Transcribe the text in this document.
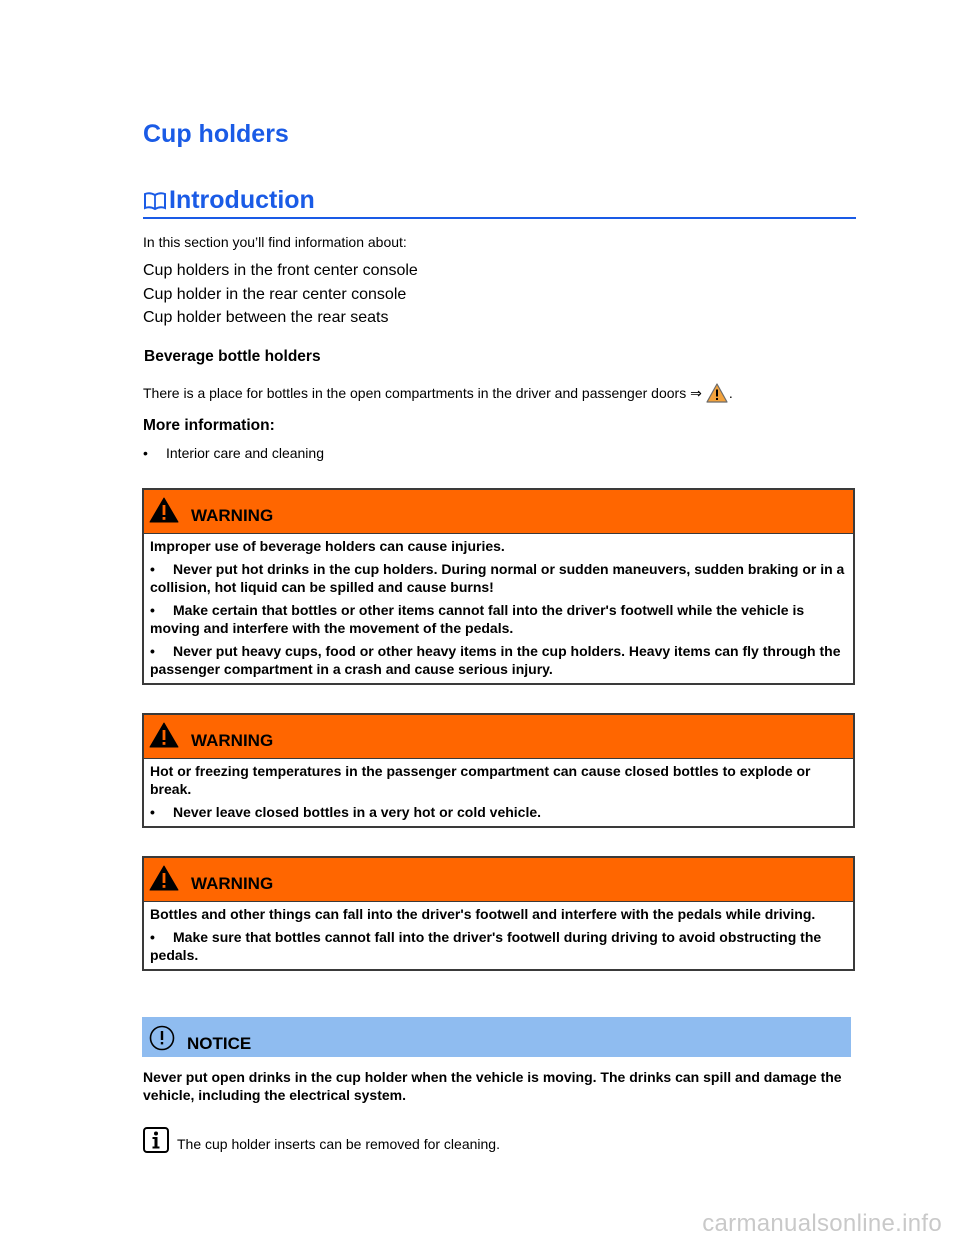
Cup holders
Introduction
In this section you’ll find information about:
Cup holders in the front center console
Cup holder in the rear center console
Cup holder between the rear seats
Beverage bottle holders
There is a place for bottles in the open compartments in the driver and passenger doors ⇒ .
More information:
•	Interior care and cleaning
WARNING

Improper use of beverage holders can cause injuries.

• Never put hot drinks in the cup holders. During normal or sudden maneuvers, sudden braking or in a collision, hot liquid can be spilled and cause burns!

• Make certain that bottles or other items cannot fall into the driver's footwell while the vehicle is moving and interfere with the movement of the pedals.

• Never put heavy cups, food or other heavy items in the cup holders. Heavy items can fly through the passenger compartment in a crash and cause serious injury.

WARNING

Hot or freezing temperatures in the passenger compartment can cause closed bottles to explode or break.

• Never leave closed bottles in a very hot or cold vehicle.

WARNING

Bottles and other things can fall into the driver's footwell and interfere with the pedals while driving.

• Make sure that bottles cannot fall into the driver's footwell during driving to avoid obstructing the pedals.

NOTICE
Never put open drinks in the cup holder when the vehicle is moving. The drinks can spill and damage the vehicle, including the electrical system.
The cup holder inserts can be removed for cleaning.
carmanualsonline.info
